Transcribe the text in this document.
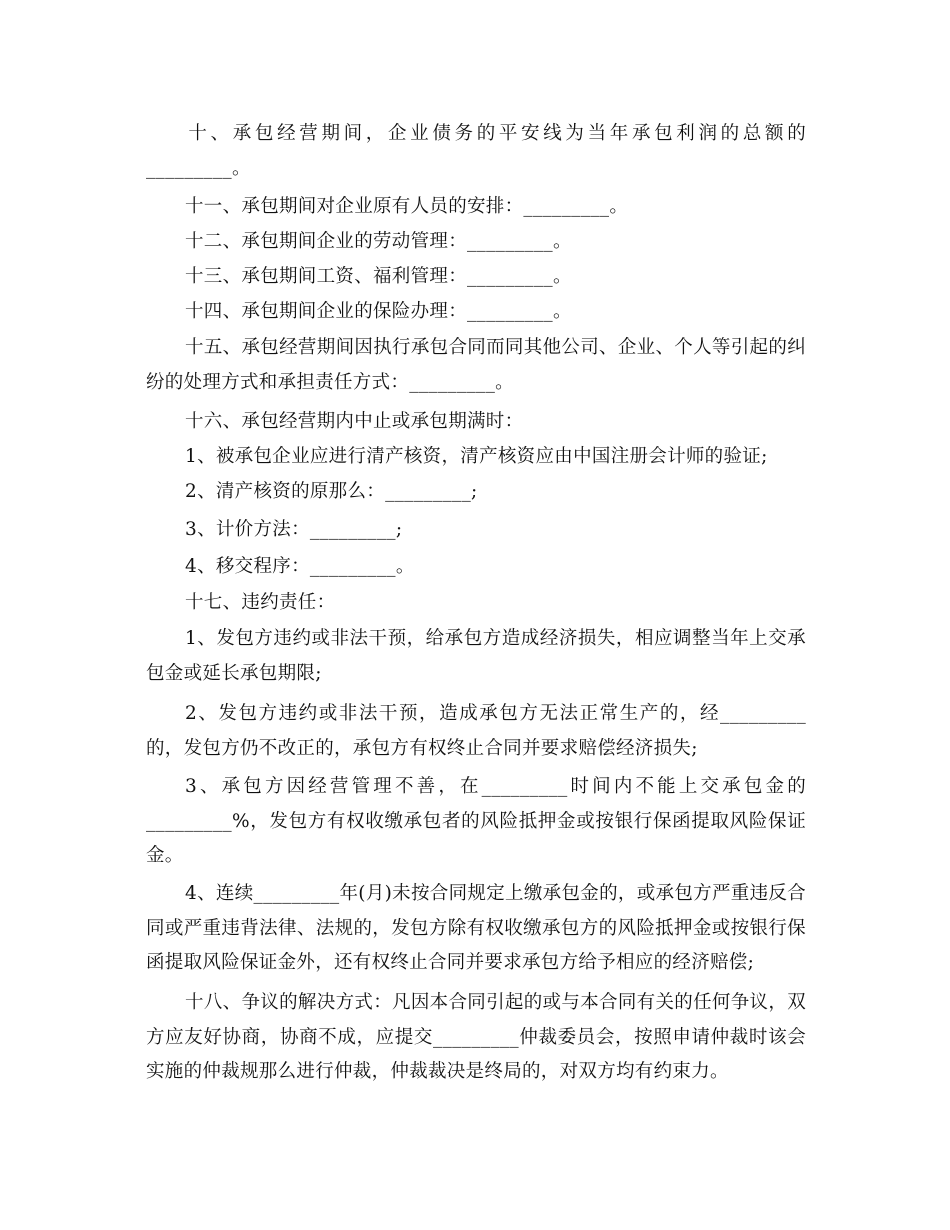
十、承包经营期间，企业债务的平安线为当年承包利润的总额的_________。

十一、承包期间对企业原有人员的安排：_________。

十二、承包期间企业的劳动管理：_________。

十三、承包期间工资、福利管理：_________。

十四、承包期间企业的保险办理：_________。

十五、承包经营期间因执行承包合同而同其他公司、企业、个人等引起的纠纷的处理方式和承担责任方式：_________。

十六、承包经营期内中止或承包期满时：

1、被承包企业应进行清产核资，清产核资应由中国注册会计师的验证;

2、清产核资的原那么：_________;

3、计价方法：_________;

4、移交程序：_________。

十七、违约责任：

1、发包方违约或非法干预，给承包方造成经济损失，相应调整当年上交承包金或延长承包期限;

2、发包方违约或非法干预，造成承包方无法正常生产的，经_________的，发包方仍不改正的，承包方有权终止合同并要求赔偿经济损失;

3、承包方因经营管理不善，在_________时间内不能上交承包金的_________%，发包方有权收缴承包者的风险抵押金或按银行保函提取风险保证金。

4、连续_________年(月)未按合同规定上缴承包金的，或承包方严重违反合同或严重违背法律、法规的，发包方除有权收缴承包方的风险抵押金或按银行保函提取风险保证金外，还有权终止合同并要求承包方给予相应的经济赔偿;

十八、争议的解决方式：凡因本合同引起的或与本合同有关的任何争议，双方应友好协商，协商不成，应提交_________仲裁委员会，按照申请仲裁时该会实施的仲裁规那么进行仲裁，仲裁裁决是终局的，对双方均有约束力。
